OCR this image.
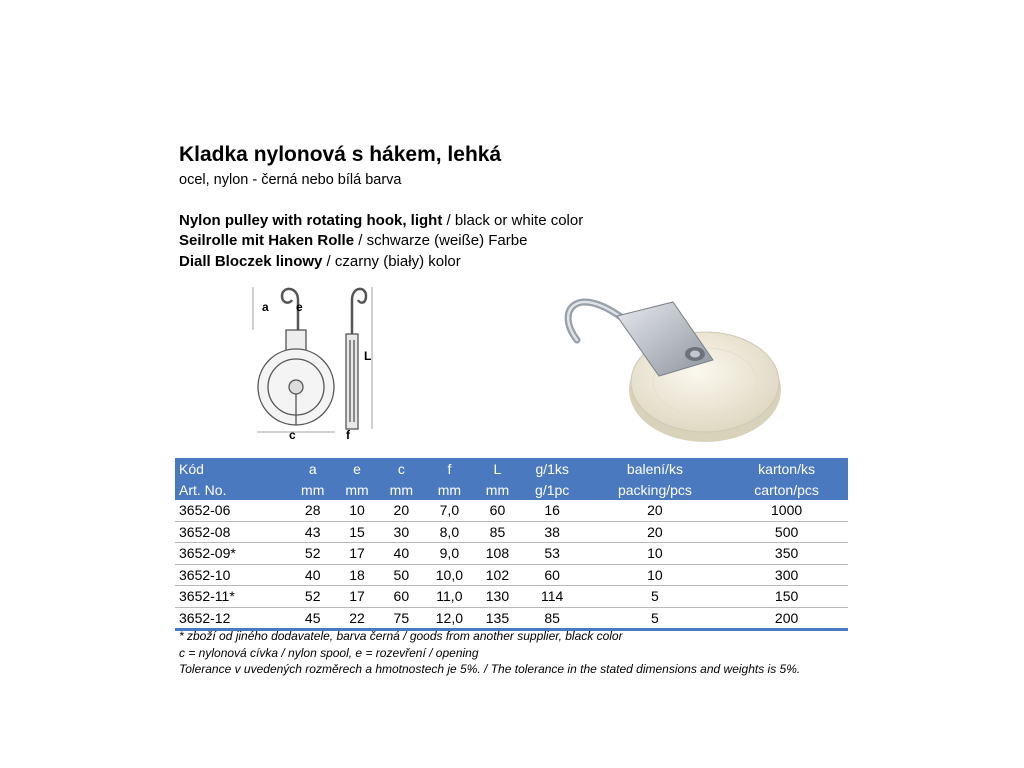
Kladka nylonová s hákem, lehká
ocel, nylon - černá nebo bílá barva
Nylon pulley with rotating hook, light / black or white color
Seilrolle mit Haken Rolle / schwarze (weiße) Farbe
Diall Bloczek linowy / czarny (biały) kolor
a e
c
L
f
Kód	a	e	c	f	L	g/1ks	balení/ks	karton/ks
Art. No.	mm	mm	mm	mm	mm	g/1pc	packing/pcs	carton/pcs
3652-06	28	10	20	7,0	60	16	20	1000
3652-08	43	15	30	8,0	85	38	20	500
3652-09*	52	17	40	9,0	108	53	10	350
3652-10	40	18	50	10,0	102	60	10	300
3652-11*	52	17	60	11,0	130	114	5	150
3652-12	45	22	75	12,0	135	85	5	200
* zboží od jiného dodavatele, barva černá / goods from another supplier, black color
c = nylonová cívka / nylon spool, e = rozevření / opening
Tolerance v uvedených rozměrech a hmotnostech je 5%. / The tolerance in the stated dimensions and weights is 5%.
